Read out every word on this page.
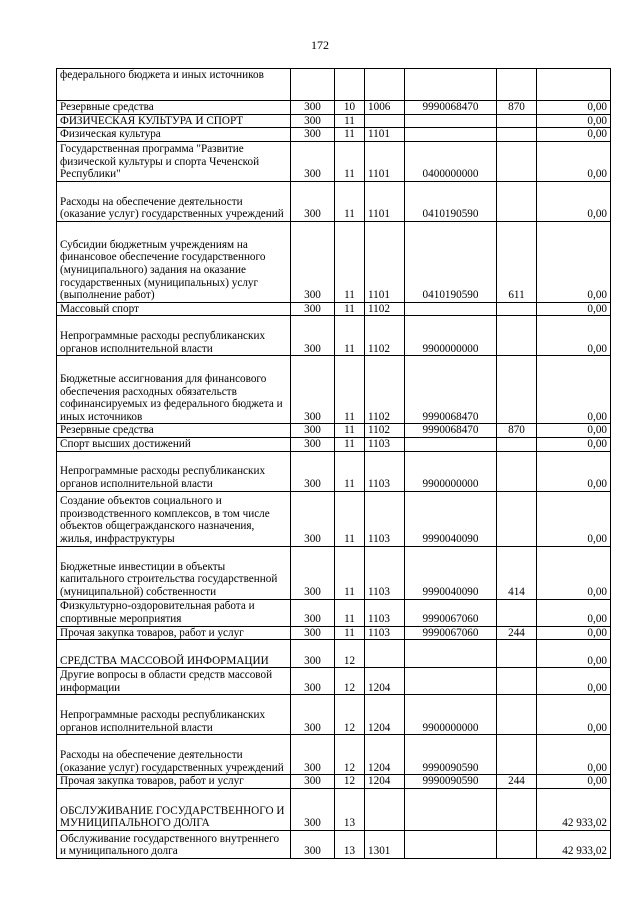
172
федерального бюджета и иных источников						
Резервные средства	300	10	1006	9990068470	870	0,00
ФИЗИЧЕСКАЯ КУЛЬТУРА И СПОРТ	300	11				0,00
Физическая культура	300	11	1101			0,00
Государственная программа "Развитие физической культуры и спорта Чеченской Республики"	300	11	1101	0400000000		0,00
Расходы на обеспечение деятельности (оказание услуг) государственных учреждений	300	11	1101	0410190590		0,00
Субсидии бюджетным учреждениям на финансовое обеспечение государственного (муниципального) задания на оказание государственных (муниципальных) услуг (выполнение работ)	300	11	1101	0410190590	611	0,00
Массовый спорт	300	11	1102			0,00
Непрограммные расходы республиканских органов исполнительной власти	300	11	1102	9900000000		0,00
Бюджетные ассигнования для финансового обеспечения расходных обязательств софинансируемых из федерального бюджета и иных источников	300	11	1102	9990068470		0,00
Резервные средства	300	11	1102	9990068470	870	0,00
Спорт высших достижений	300	11	1103			0,00
Непрограммные расходы республиканских органов исполнительной власти	300	11	1103	9900000000		0,00
Создание объектов социального и производственного комплексов, в том числе объектов общегражданского назначения, жилья, инфраструктуры	300	11	1103	9990040090		0,00
Бюджетные инвестиции в объекты капитального строительства государственной (муниципальной) собственности	300	11	1103	9990040090	414	0,00
Физкультурно-оздоровительная работа и спортивные мероприятия	300	11	1103	9990067060		0,00
Прочая закупка товаров, работ и услуг	300	11	1103	9990067060	244	0,00
СРЕДСТВА МАССОВОЙ ИНФОРМАЦИИ	300	12				0,00
Другие вопросы в области средств массовой информации	300	12	1204			0,00
Непрограммные расходы республиканских органов исполнительной власти	300	12	1204	9900000000		0,00
Расходы на обеспечение деятельности (оказание услуг) государственных учреждений	300	12	1204	9990090590		0,00
Прочая закупка товаров, работ и услуг	300	12	1204	9990090590	244	0,00
ОБСЛУЖИВАНИЕ ГОСУДАРСТВЕННОГО И МУНИЦИПАЛЬНОГО ДОЛГА	300	13				42 933,02
Обслуживание государственного внутреннего и муниципального долга	300	13	1301			42 933,02
